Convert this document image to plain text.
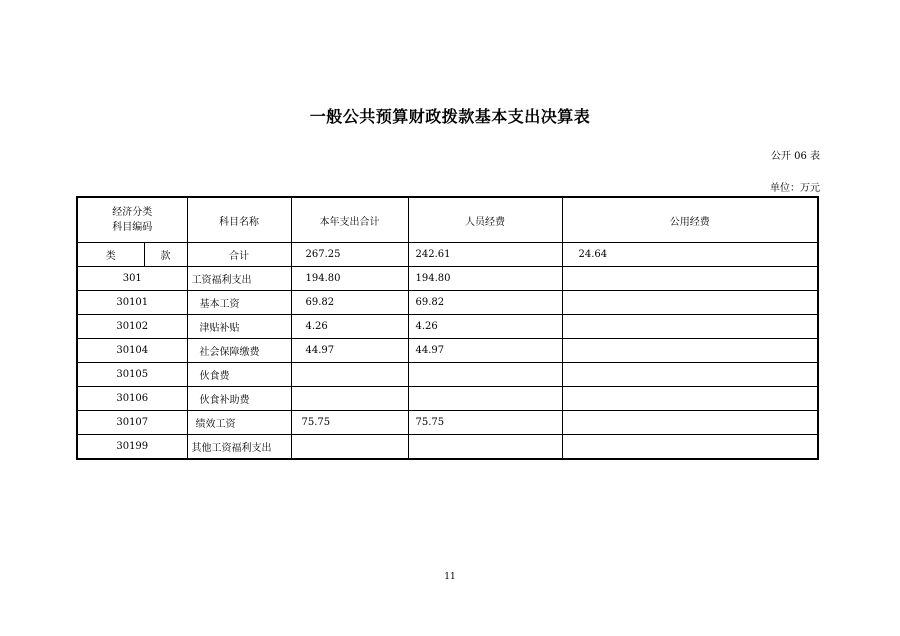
一般公共预算财政拨款基本支出决算表
公开 06 表
单位：万元
经济分类
科目编码		科目名称	本年支出合计	人员经费	公用经费
类	款	合计	267.25	242.61	24.64
301		工资福利支出	194.80	194.80	
30101		基本工资	69.82	69.82	
30102		津贴补贴	4.26	4.26	
30104		社会保障缴费	44.97	44.97	
30105		伙食费			
30106		伙食补助费			
30107		绩效工资	75.75	75.75	
30199		其他工资福利支出			
11
